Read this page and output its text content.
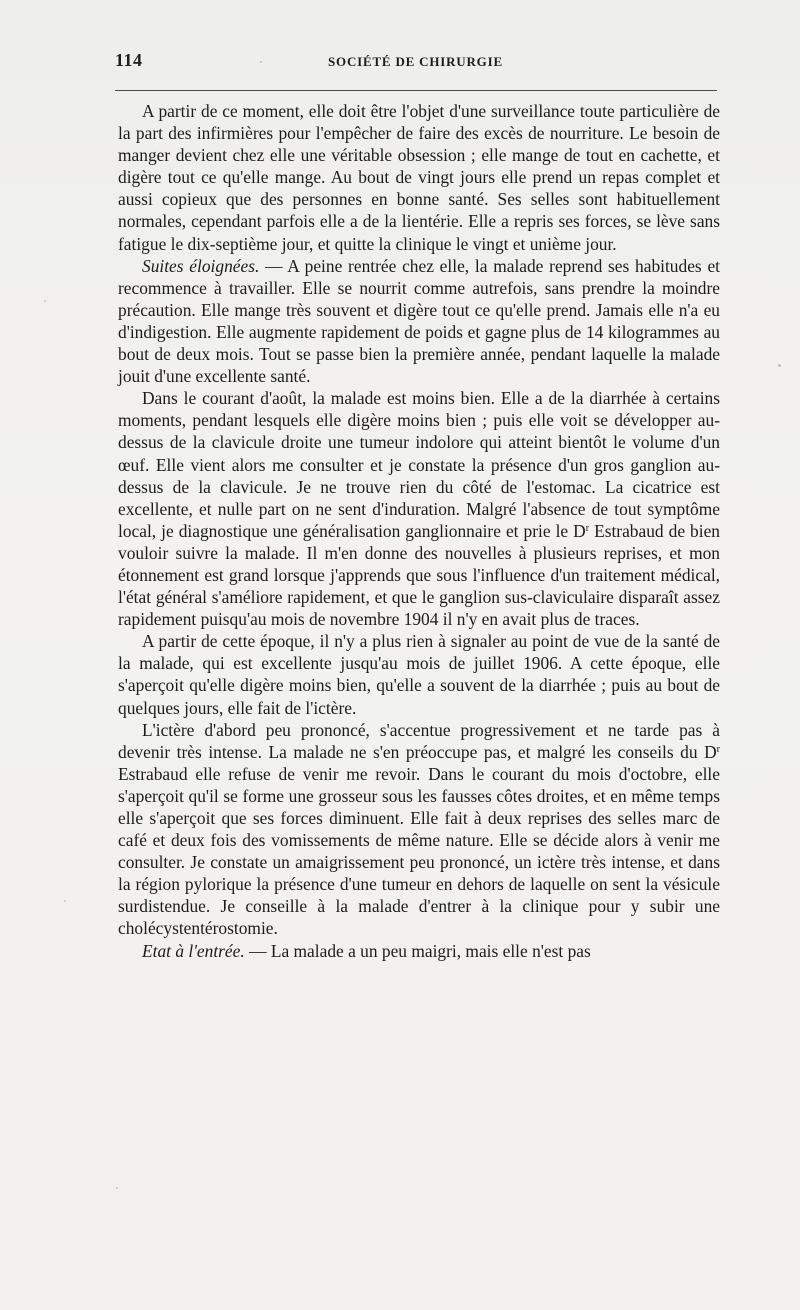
114	SOCIÉTÉ DE CHIRURGIE

A partir de ce moment, elle doit être l'objet d'une surveillance toute particulière de la part des infirmières pour l'empêcher de faire des excès de nourriture. Le besoin de manger devient chez elle une véritable obsession ; elle mange de tout en cachette, et digère tout ce qu'elle mange. Au bout de vingt jours elle prend un repas complet et aussi copieux que des personnes en bonne santé. Ses selles sont habituellement normales, cependant parfois elle a de la lientérie. Elle a repris ses forces, se lève sans fatigue le dix-septième jour, et quitte la clinique le vingt et unième jour.

Suites éloignées. — A peine rentrée chez elle, la malade reprend ses habitudes et recommence à travailler. Elle se nourrit comme autrefois, sans prendre la moindre précaution. Elle mange très souvent et digère tout ce qu'elle prend. Jamais elle n'a eu d'indigestion. Elle augmente rapidement de poids et gagne plus de 14 kilogrammes au bout de deux mois. Tout se passe bien la première année, pendant laquelle la malade jouit d'une excellente santé.

Dans le courant d'août, la malade est moins bien. Elle a de la diarrhée à certains moments, pendant lesquels elle digère moins bien ; puis elle voit se développer au-dessus de la clavicule droite une tumeur indolore qui atteint bientôt le volume d'un œuf. Elle vient alors me consulter et je constate la présence d'un gros ganglion au-dessus de la clavicule. Je ne trouve rien du côté de l'estomac. La cicatrice est excellente, et nulle part on ne sent d'induration. Malgré l'absence de tout symptôme local, je diagnostique une généralisation ganglionnaire et prie le $D^r$ Estrabaud de bien vouloir suivre la malade. Il m'en donne des nouvelles à plusieurs reprises, et mon étonnement est grand lorsque j'apprends que sous l'influence d'un traitement médical, l'état général s'améliore rapidement, et que le ganglion sus-claviculaire disparaît assez rapidement puisqu'au mois de novembre 1904 il n'y en avait plus de traces.

A partir de cette époque, il n'y a plus rien à signaler au point de vue de la santé de la malade, qui est excellente jusqu'au mois de juillet 1906. A cette époque, elle s'aperçoit qu'elle digère moins bien, qu'elle a souvent de la diarrhée ; puis au bout de quelques jours, elle fait de l'ictère.

L'ictère d'abord peu prononcé, s'accentue progressivement et ne tarde pas à devenir très intense. La malade ne s'en préoccupe pas, et malgré les conseils du $D^r$ Estrabaud elle refuse de venir me revoir. Dans le courant du mois d'octobre, elle s'aperçoit qu'il se forme une grosseur sous les fausses côtes droites, et en même temps elle s'aperçoit que ses forces diminuent. Elle fait à deux reprises des selles marc de café et deux fois des vomissements de même nature. Elle se décide alors à venir me consulter. Je constate un amaigrissement peu prononcé, un ictère très intense, et dans la région pylorique la présence d'une tumeur en dehors de laquelle on sent la vésicule surdistendue. Je conseille à la malade d'entrer à la clinique pour y subir une cholécystentérostomie.

Etat à l'entrée. — La malade a un peu maigri, mais elle n'est pas
